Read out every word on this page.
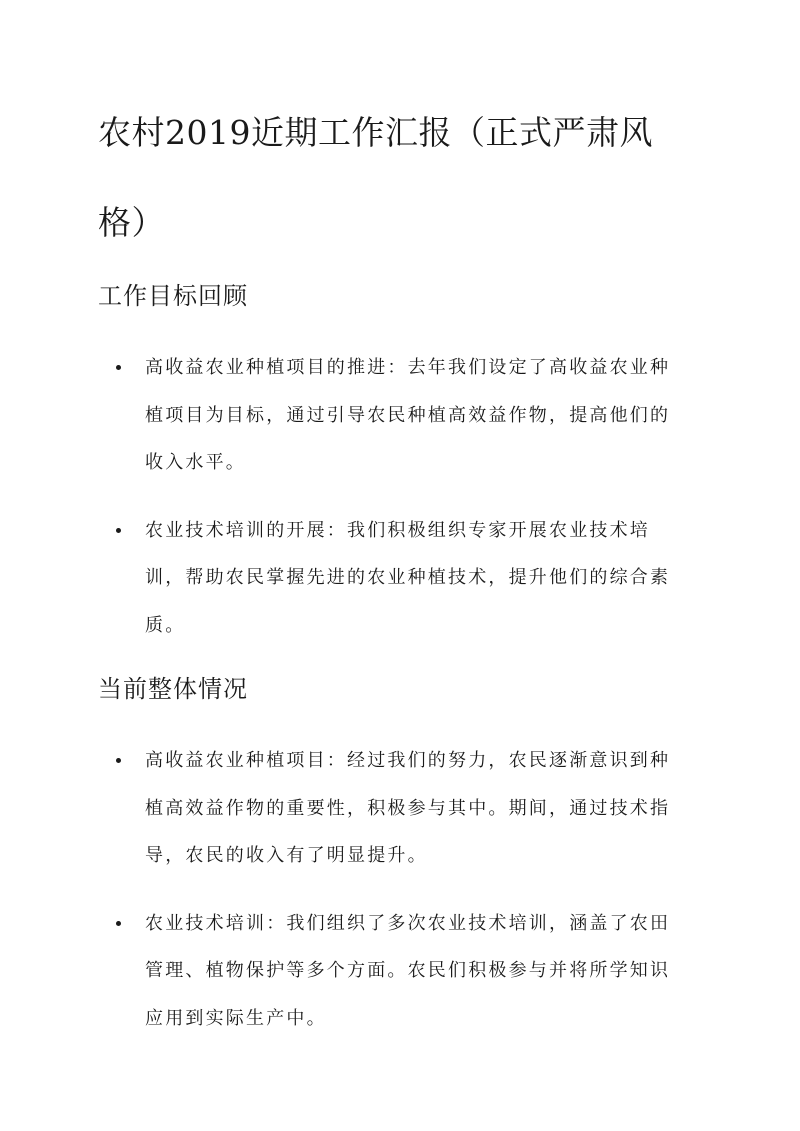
农村2019近期工作汇报（正式严肃风格）
工作目标回顾
高收益农业种植项目的推进：去年我们设定了高收益农业种植项目为目标，通过引导农民种植高效益作物，提高他们的收入水平。
农业技术培训的开展：我们积极组织专家开展农业技术培训，帮助农民掌握先进的农业种植技术，提升他们的综合素质。
当前整体情况
高收益农业种植项目：经过我们的努力，农民逐渐意识到种植高效益作物的重要性，积极参与其中。期间，通过技术指导，农民的收入有了明显提升。
农业技术培训：我们组织了多次农业技术培训，涵盖了农田管理、植物保护等多个方面。农民们积极参与并将所学知识应用到实际生产中。
